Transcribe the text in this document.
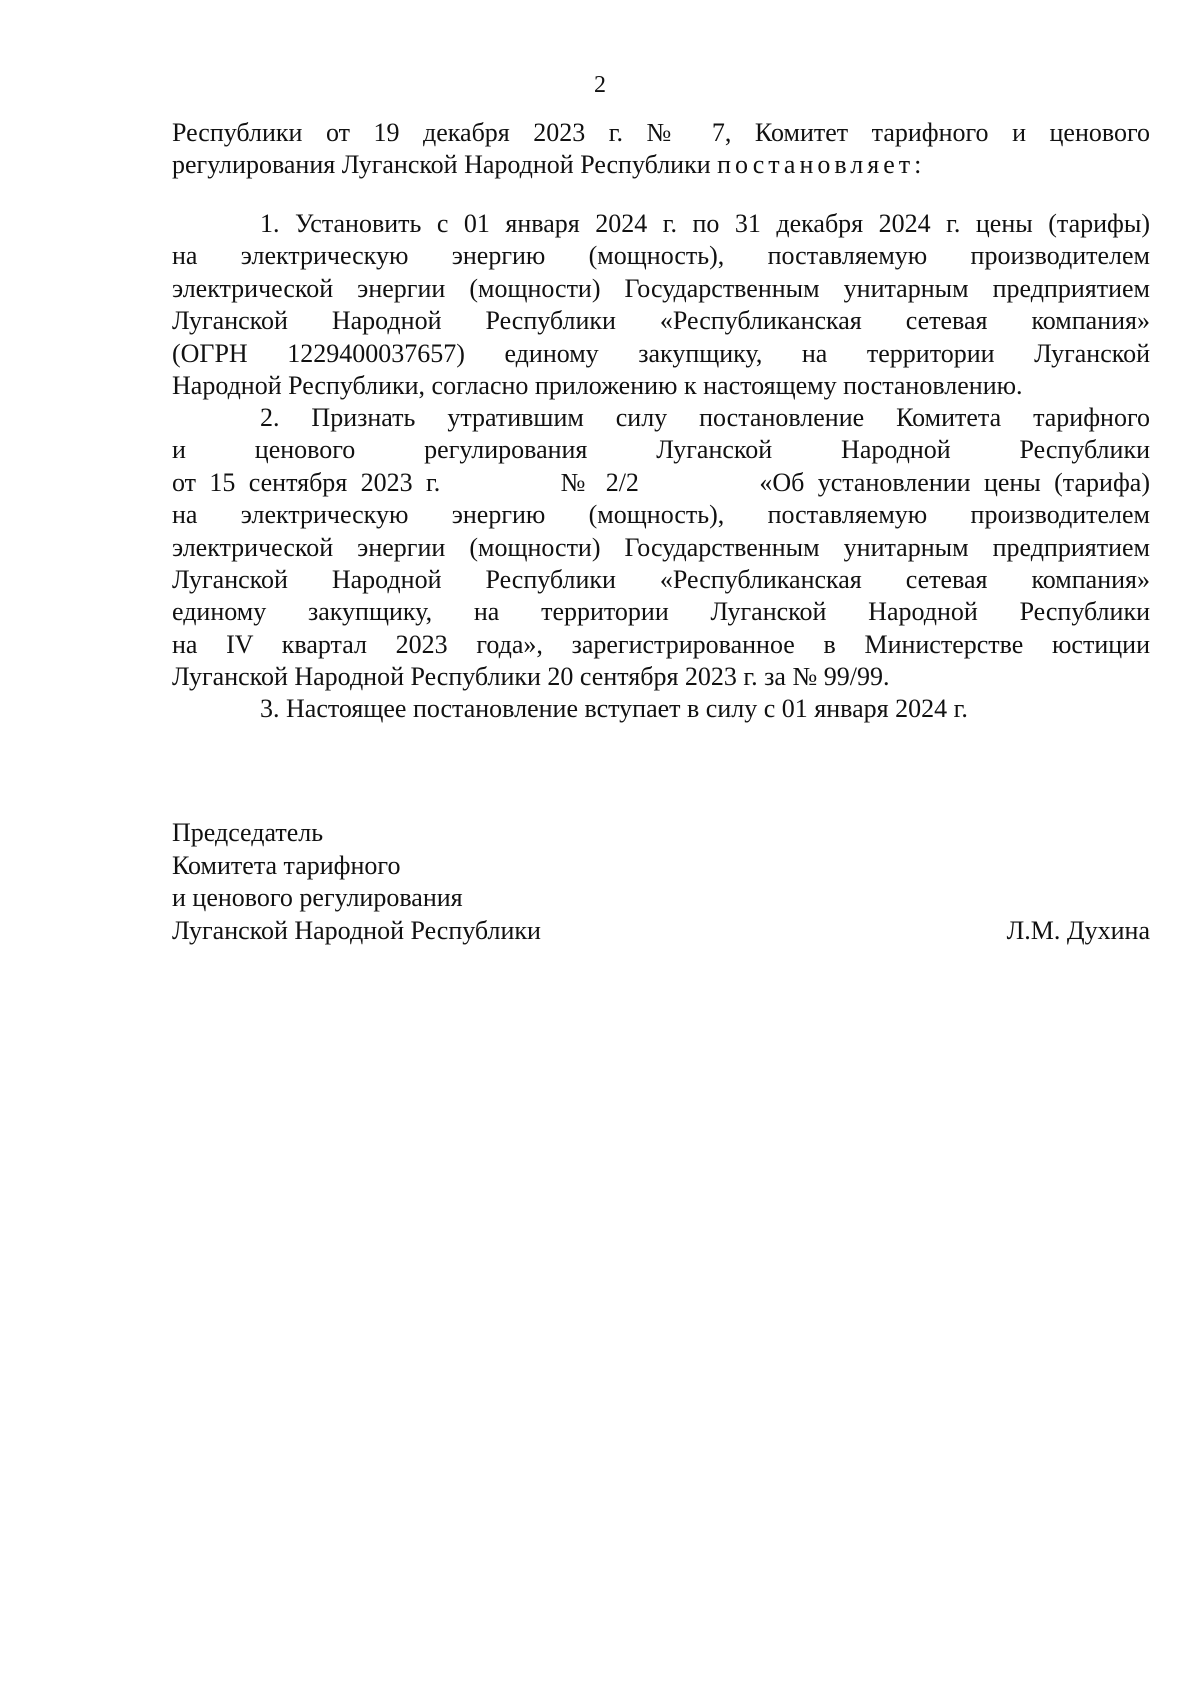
2
Республики от 19 декабря 2023 г. № 7, Комитет тарифного и ценового
регулирования Луганской Народной Республики постановляет:
1. Установить с 01 января 2024 г. по 31 декабря 2024 г. цены (тарифы)
на электрическую энергию (мощность), поставляемую производителем
электрической энергии (мощности) Государственным унитарным предприятием
Луганской Народной Республики «Республиканская сетевая компания»
(ОГРН 1229400037657) единому закупщику, на территории Луганской
Народной Республики, согласно приложению к настоящему постановлению.
2. Признать утратившим силу постановление Комитета тарифного
и ценового регулирования Луганской Народной Республики
от 15 сентября 2023 г.         № 2/2         «Об установлении цены (тарифа)
на электрическую энергию (мощность), поставляемую производителем
электрической энергии (мощности) Государственным унитарным предприятием
Луганской Народной Республики «Республиканская сетевая компания»
единому закупщику, на территории Луганской Народной Республики
на IV квартал 2023 года», зарегистрированное в Министерстве юстиции
Луганской Народной Республики 20 сентября 2023 г. за № 99/99.
3. Настоящее постановление вступает в силу с 01 января 2024 г.
Председатель
Комитета тарифного
и ценового регулирования
Луганской Народной Республики	Л.М. Духина
